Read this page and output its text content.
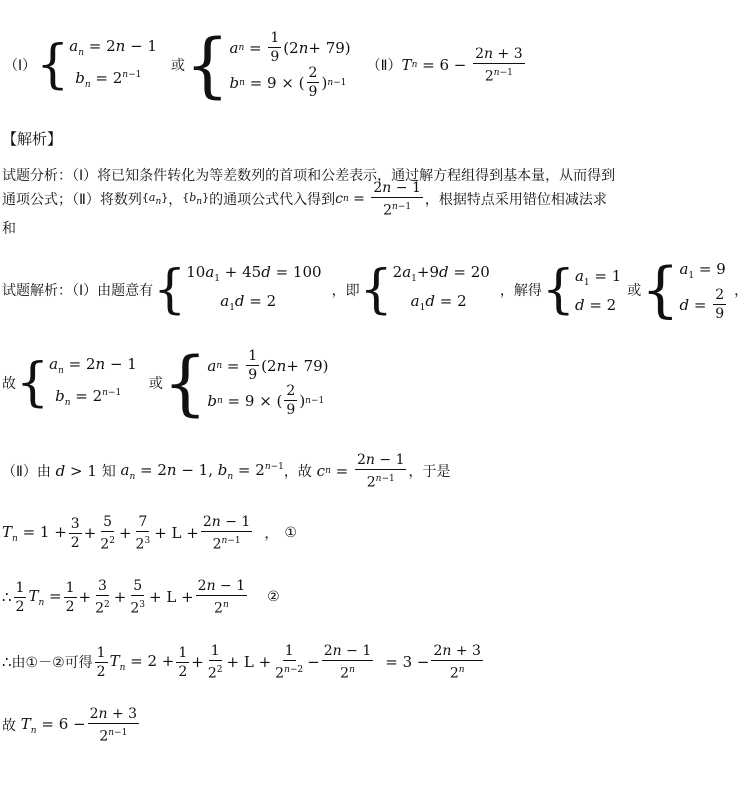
（Ⅰ） { $a_n = 2n - 1$
$b_n = 2^{n-1}$
或 { a $n = \frac{1}{9} (2$ n + 79)
b n = 9 × ( $\frac{2}{9}$ ) n−1
（Ⅱ） T $n = 6 - \frac{2n + 3}{2^{n-1}}$
【解析】
试题分析：（Ⅰ）将已知条件转化为等差数列的首项和公差表示，通过解方程组得到基本量，从而得到
通项公式；（Ⅱ）将数列 $\{a_n\}$ ， $\{b_n\}$ 的通项公式代入得到 c $n = \frac{2n - 1}{2^{n-1}}$ ，根据特点采用错位相减法求
和
试题解析：（Ⅰ）由题意有 { $10a_1 + 45d = 100$
$a_1d = 2$
，即 { $2a_1+9d = 20$
$a_1d = 2$
，解得 { $a_1 = 1$
d = 2
或 { $a_1 = 9$
$d = \frac{2}{9}$ ，
故 { $a_n = 2n - 1$
$b_n = 2^{n-1}$
或 { a $n = \frac{1}{9} (2$ n + 79)
b n = 9 × ( $\frac{2}{9}$ ) n−1
（Ⅱ）由 d > 1 知 $a_n = 2n - 1$, $b_n = 2^{n-1}$ ，故
c $n = \frac{2n - 1}{2^{n-1}}$ ，于是
$T_n = 1 + \frac{3}{2} + \frac{5}{2^2} + \frac{7}{2^3} + L + \frac{2n - 1}{2^{n-1}}$ ， ①
∴ $\frac{1}{2} T_n = \frac{1}{2} + \frac{3}{2^2} + \frac{5}{2^3} + L + \frac{2n - 1}{2^n}$ ②
∴ 由①－②可得 $\frac{1}{2} T_n = 2 + \frac{1}{2} + \frac{1}{2^2} + L + \frac{1}{2^{n-2}} - \frac{2n - 1}{2^n} = 3 - \frac{2n + 3}{2^n}$
故 $T_n = 6 - \frac{2n + 3}{2^{n-1}}$
